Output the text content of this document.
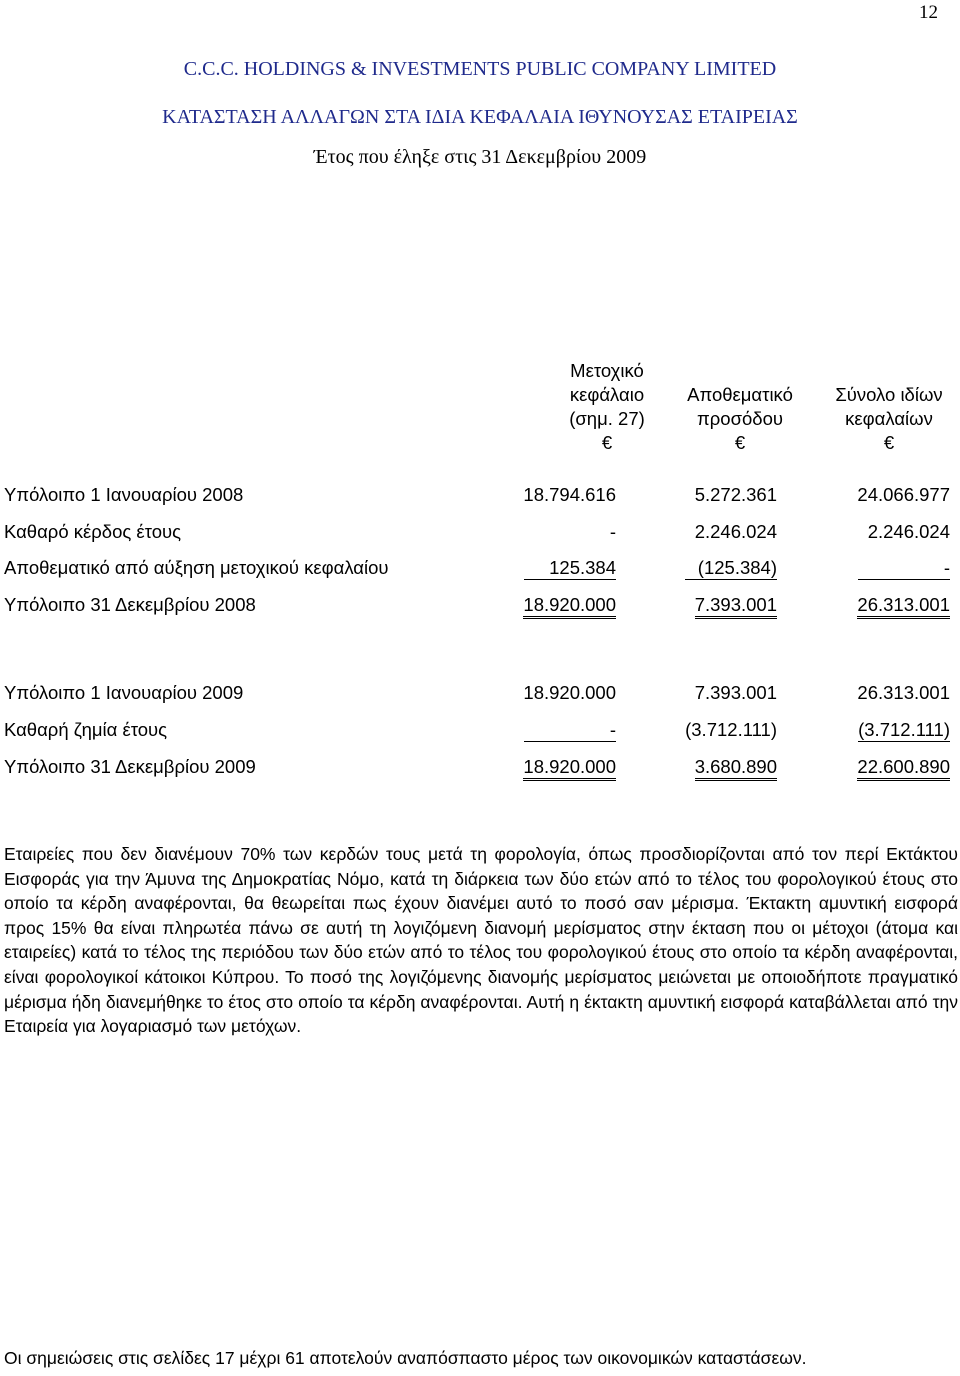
12
C.C.C. HOLDINGS & INVESTMENTS PUBLIC COMPANY LIMITED
ΚΑΤΑΣΤΑΣΗ ΑΛΛΑΓΩΝ ΣΤΑ ΙΔΙΑ ΚΕΦΑΛΑΙΑ ΙΘΥΝΟΥΣΑΣ ΕΤΑΙΡΕΙΑΣ
Έτος που έληξε στις 31 Δεκεμβρίου 2009
Μετοχικό
κεφάλαιο
(σημ. 27)
€
Αποθεματικό
προσόδου
€
Σύνολο ιδίων
κεφαλαίων
€
Υπόλοιπο 1 Ιανουαρίου 2008	18.794.616	5.272.361	24.066.977
Καθαρό κέρδος έτους	-	2.246.024	2.246.024
Αποθεματικό από αύξηση μετοχικού κεφαλαίου	125.384	(125.384)	-
Υπόλοιπο 31 Δεκεμβρίου 2008	18.920.000	7.393.001	26.313.001
Υπόλοιπο 1 Ιανουαρίου 2009	18.920.000	7.393.001	26.313.001
Καθαρή ζημία έτους	-	(3.712.111)	(3.712.111)
Υπόλοιπο 31 Δεκεμβρίου 2009	18.920.000	3.680.890	22.600.890
Εταιρείες που δεν διανέμουν 70% των κερδών τους μετά τη φορολογία, όπως προσδιορίζονται από τον περί Εκτάκτου Εισφοράς για την Άμυνα της Δημοκρατίας Νόμο, κατά τη διάρκεια των δύο ετών από το τέλος του φορολογικού έτους στο οποίο τα κέρδη αναφέρονται, θα θεωρείται πως έχουν διανέμει αυτό το ποσό σαν μέρισμα. Έκτακτη αμυντική εισφορά προς 15% θα είναι πληρωτέα πάνω σε αυτή τη λογιζόμενη διανομή μερίσματος στην έκταση που οι μέτοχοι (άτομα και εταιρείες) κατά το τέλος της περιόδου των δύο ετών από το τέλος του φορολογικού έτους στο οποίο τα κέρδη αναφέρονται, είναι φορολογικοί κάτοικοι Κύπρου. Το ποσό της λογιζόμενης διανομής μερίσματος μειώνεται με οποιοδήποτε πραγματικό μέρισμα ήδη διανεμήθηκε το έτος στο οποίο τα κέρδη αναφέρονται. Αυτή η έκτακτη αμυντική εισφορά καταβάλλεται από την Εταιρεία για λογαριασμό των μετόχων.
Οι σημειώσεις στις σελίδες 17 μέχρι 61 αποτελούν αναπόσπαστο μέρος των οικονομικών καταστάσεων.
